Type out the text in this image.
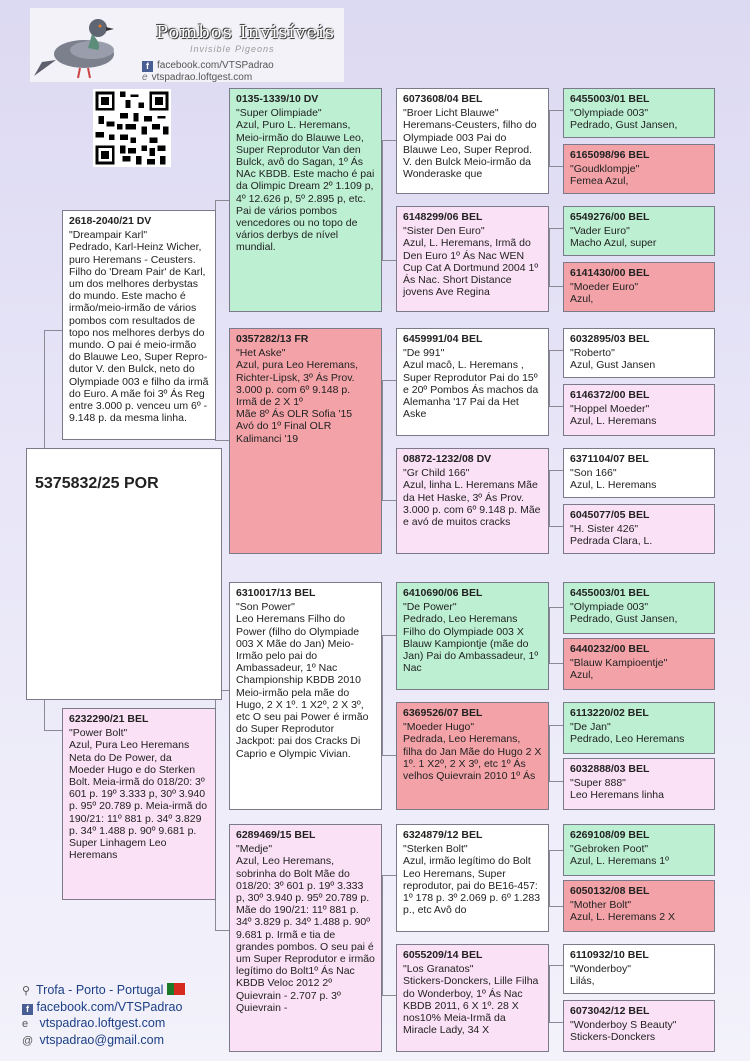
Pombos Invisíveis
Invisible Pigeons
f facebook.com/VTSPadrao e vtspadrao.loftgest.com
5375832/25 POR
2618-2040/21 DV
"Dreampair Karl"
Pedrado, Karl-Heinz Wicher, puro Heremans - Ceusters. Filho do 'Dream Pair' de Karl, um dos melhores derbystas do mundo. Este macho é irmão/meio-irmão de vários pombos com resultados de topo nos melhores derbys do mundo. O pai é meio-irmão do Blauwe Leo, Super Repro-dutor V. den Bulck, neto do Olympiade 003 e filho da irmã do Euro. A mãe foi 3º Ás Reg entre 3.000 p. venceu um 6º - 9.148 p. da mesma linha.
6232290/21 BEL
"Power Bolt"
Azul, Pura Leo Heremans Neta do De Power, da Moeder Hugo e do Sterken Bolt. Meia-irmã do 018/20: 3º 601 p. 19º 3.333 p, 30º 3.940 p. 95º 20.789 p. Meia-irmã do 190/21: 11º 881 p. 34º 3.829 p. 34º 1.488 p. 90º 9.681 p. Super Linhagem Leo Heremans
0135-1339/10 DV
"Super Olimpiade"
Azul, Puro L. Heremans, Meio-irmão do Blauwe Leo, Super Reprodutor Van den Bulck, avô do Sagan, 1º Ás NAc KBDB. Este macho é pai da Olimpic Dream 2º 1.109 p, 4º 12.626 p, 5º 2.895 p, etc. Pai de vários pombos vencedores ou no topo de vários derbys de nível mundial.
0357282/13 FR
"Het Aske"
Azul, pura Leo Heremans, Richter-Lipsk, 3º Ás Prov. 3.000 p. com 6º 9.148 p.
Irmã de 2 X 1º
Mãe 8º Ás OLR Sofia '15
Avó do 1º Final OLR Kalimanci '19
6310017/13 BEL
"Son Power"
Leo Heremans Filho do Power (filho do Olympiade 003 X Mãe do Jan) Meio-Irmão pelo pai do Ambassadeur, 1º Nac Championship KBDB 2010 Meio-irmão pela mãe do Hugo, 2 X 1º. 1 X2º, 2 X 3º, etc O seu pai Power é irmão do Super Reprodutor Jackpot: pai dos Cracks Di Caprio e Olympic Vivian.
6289469/15 BEL
"Medje"
Azul, Leo Heremans, sobrinha do Bolt Mãe do 018/20: 3º 601 p. 19º 3.333 p, 30º 3.940 p. 95º 20.789 p. Mãe do 190/21: 11º 881 p. 34º 3.829 p. 34º 1.488 p. 90º 9.681 p. Irmã e tia de grandes pombos. O seu pai é um Super Reprodutor e irmão legítimo do Bolt1º Ás Nac KBDB Veloc 2012 2º Quievrain - 2.707 p. 3º Quievrain -
6073608/04 BEL
"Broer Licht Blauwe"
Heremans-Ceusters, filho do Olympiade 003 Pai do Blauwe Leo, Super Reprod. V. den Bulck Meio-irmão da Wonderaske que
6148299/06 BEL
"Sister Den Euro"
Azul, L. Heremans, Irmã do Den Euro 1º Ás Nac WEN Cup Cat A Dortmund 2004 1º Ás Nac. Short Distance jovens Ave Regina
6459991/04 BEL
"De 991"
Azul macô, L. Heremans , Super Reprodutor Pai do 15º e 20º Pombos Ás machos da Alemanha '17 Pai da Het Aske
08872-1232/08 DV
"Gr Child 166"
Azul, linha L. Heremans Mãe da Het Haske, 3º Ás Prov. 3.000 p. com 6º 9.148 p. Mãe e avó de muitos cracks
6410690/06 BEL
"De Power"
Pedrado, Leo Heremans Filho do Olympiade 003 X Blauw Kampiontje (mãe do Jan) Pai do Ambassadeur, 1º Nac
6369526/07 BEL
"Moeder Hugo"
Pedrada, Leo Heremans, filha do Jan Mãe do Hugo 2 X 1º. 1 X2º, 2 X 3º, etc 1º Ás velhos Quievrain 2010 1º Ás
6324879/12 BEL
"Sterken Bolt"
Azul, irmão legítimo do Bolt Leo Heremans, Super reprodutor, pai do BE16-457: 1º 178 p. 3º 2.069 p. 6º 1.283 p., etc Avô do
6055209/14 BEL
"Los Granatos"
Stickers-Donckers, Lille Filha do Wonderboy, 1º Ás Nac KBDB 2011, 6 X 1º. 28 X nos10% Meia-Irmã da Miracle Lady, 34 X
6455003/01 BEL
"Olympiade 003"
Pedrado, Gust Jansen,
6165098/96 BEL
"Goudklompje"
Femea Azul,
6549276/00 BEL
"Vader Euro"
Macho Azul, super
6141430/00 BEL
"Moeder Euro"
Azul,
6032895/03 BEL
"Roberto"
Azul, Gust Jansen
6146372/00 BEL
"Hoppel Moeder"
Azul, L. Heremans
6371104/07 BEL
"Son 166"
Azul, L. Heremans
6045077/05 BEL
"H. Sister 426"
Pedrada Clara, L.
6455003/01 BEL
"Olympiade 003"
Pedrado, Gust Jansen,
6440232/00 BEL
"Blauw Kampioentje"
Azul,
6113220/02 BEL
"De Jan"
Pedrado, Leo Heremans
6032888/03 BEL
"Super 888"
Leo Heremans linha
6269108/09 BEL
"Gebroken Poot"
Azul, L. Heremans 1º
6050132/08 BEL
"Mother Bolt"
Azul, L. Heremans 2 X
6110932/10 BEL
"Wonderboy"
Lilás,
6073042/12 BEL
"Wonderboy S Beauty"
Stickers-Donckers
⚲ Trofa - Porto - Portugal
f facebook.com/VTSPadrao
e vtspadrao.loftgest.com
@ vtspadrao@gmail.com
